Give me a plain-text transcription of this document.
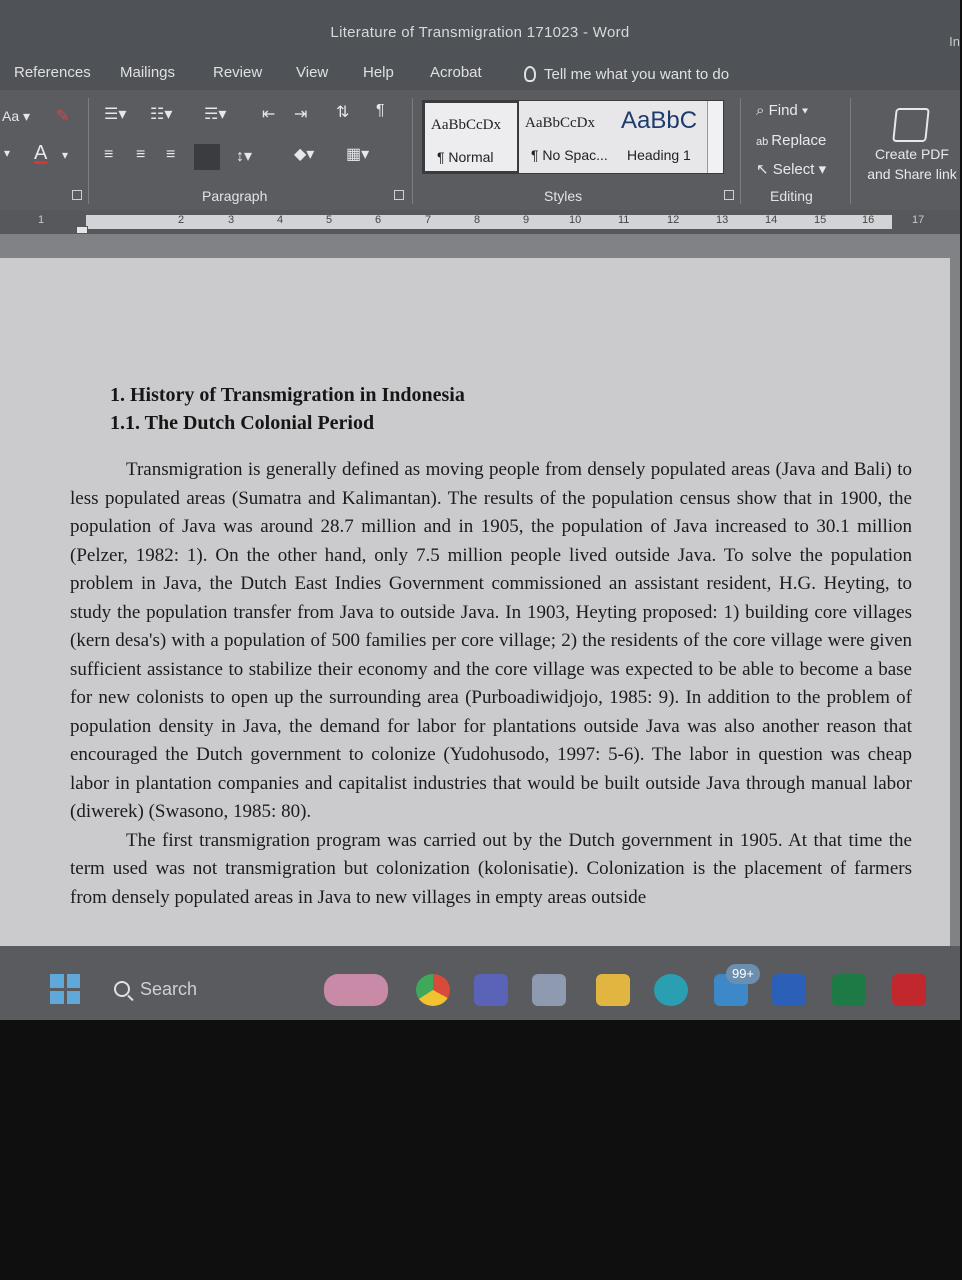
Literature of Transmigration 171023 - Word
In
References Mailings	Review View Help Acrobat	Tell me what you want to do
Aa ▾ ✎
▾ A ▾
☰▾ ☷▾ ☴▾ ⇤ ⇥ ⇅ ¶
≡ ≡ ≡	↕▾	◆▾ ▦▾
Paragraph
AaBbCcDx
¶ Normal
AaBbCcDx
¶ No Spac...
AaBbC
Heading 1
Styles
⌕ Find ▾
ab Replace
↖ Select ▾
Editing
Create PDF
and Share link
1	2	3	4	5	6	7	8	9	10	11	12	13	14	15	16	17
1. History of Transmigration in Indonesia
1.1. The Dutch Colonial Period

Transmigration is generally defined as moving people from densely populated areas (Java and Bali) to less populated areas (Sumatra and Kalimantan). The results of the population census show that in 1900, the population of Java was around 28.7 million and in 1905, the population of Java increased to 30.1 million (Pelzer, 1982: 1). On the other hand, only 7.5 million people lived outside Java. To solve the population problem in Java, the Dutch East Indies Government commissioned an assistant resident, H.G. Heyting, to study the population transfer from Java to outside Java. In 1903, Heyting proposed: 1) building core villages (kern desa's) with a population of 500 families per core village; 2) the residents of the core village were given sufficient assistance to stabilize their economy and the core village was expected to be able to become a base for new colonists to open up the surrounding area (Purboadiwidjojo, 1985: 9). In addition to the problem of population density in Java, the demand for labor for plantations outside Java was also another reason that encouraged the Dutch government to colonize (Yudohusodo, 1997: 5-6). The labor in question was cheap labor in plantation companies and capitalist industries that would be built outside Java through manual labor (diwerek) (Swasono, 1985: 80).

The first transmigration program was carried out by the Dutch government in 1905. At that time the term used was not transmigration but colonization (kolonisatie). Colonization is the placement of farmers from densely populated areas in Java to new villages in empty areas outside

Search
99+
